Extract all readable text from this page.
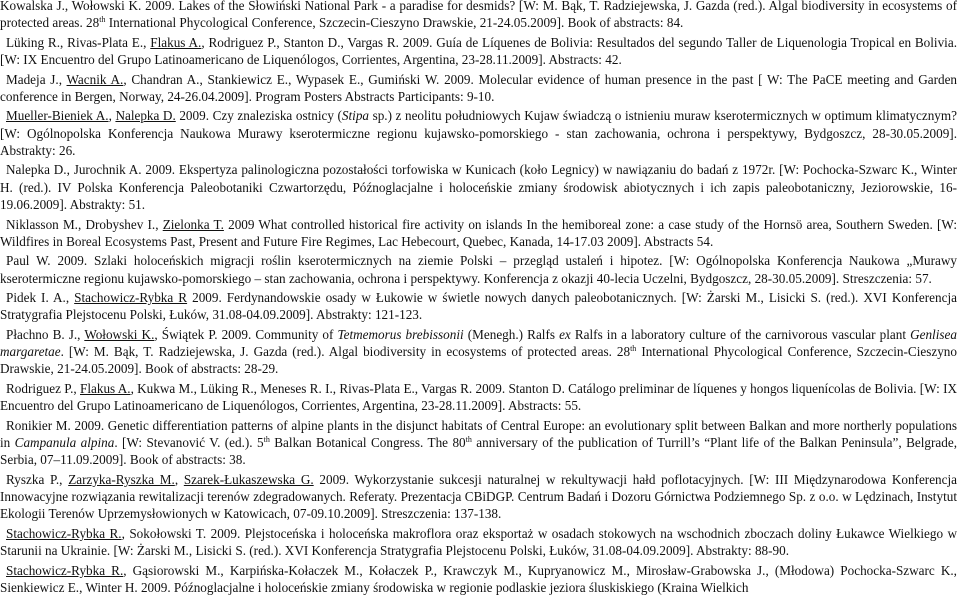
Kowalska J., Wołowski K. 2009. Lakes of the Słowiński National Park - a paradise for desmids? [W: M. Bąk, T. Radziejewska, J. Gazda (red.). Algal biodiversity in ecosystems of protected areas. 28th International Phycological Conference, Szczecin-Cieszyno Drawskie, 21-24.05.2009]. Book of abstracts: 84.

Lüking R., Rivas-Plata E., Flakus A., Rodriguez P., Stanton D., Vargas R. 2009. Guía de Líquenes de Bolivia: Resultados del segundo Taller de Liquenologia Tropical en Bolivia. [W: IX Encuentro del Grupo Latinoamericano de Liquenólogos, Corrientes, Argentina, 23-28.11.2009]. Abstracts: 42.

Madeja J., Wacnik A., Chandran A., Stankiewicz E., Wypasek E., Gumiński W. 2009. Molecular evidence of human presence in the past [ W: The PaCE meeting and Garden conference in Bergen, Norway, 24-26.04.2009]. Program Posters Abstracts Participants: 9-10.

Mueller-Bieniek A., Nalepka D. 2009. Czy znaleziska ostnicy (Stipa sp.) z neolitu południowych Kujaw świadczą o istnieniu muraw kserotermicznych w optimum klimatycznym? [W: Ogólnopolska Konferencja Naukowa Murawy kserotermiczne regionu kujawsko-pomorskiego - stan zachowania, ochrona i perspektywy, Bydgoszcz, 28-30.05.2009]. Abstrakty: 26.

Nalepka D., Jurochnik A. 2009. Ekspertyza palinologiczna pozostałości torfowiska w Kunicach (koło Legnicy) w nawiązaniu do badań z 1972r. [W: Pochocka-Szwarc K., Winter H. (red.). IV Polska Konferencja Paleobotaniki Czwartorzędu, Późnoglacjalne i holoceńskie zmiany środowisk abiotycznych i ich zapis paleobotaniczny, Jeziorowskie, 16-19.06.2009]. Abstrakty: 51.

Niklasson M., Drobyshev I., Zielonka T. 2009 What controlled historical fire activity on islands In the hemiboreal zone: a case study of the Hornsö area, Southern Sweden. [W: Wildfires in Boreal Ecosystems Past, Present and Future Fire Regimes, Lac Hebecourt, Quebec, Kanada, 14-17.03 2009]. Abstracts 54.

Paul W. 2009. Szlaki holoceńskich migracji roślin kserotermicznych na ziemie Polski – przegląd ustaleń i hipotez. [W: Ogólnopolska Konferencja Naukowa „Murawy kserotermiczne regionu kujawsko-pomorskiego – stan zachowania, ochrona i perspektywy. Konferencja z okazji 40-lecia Uczelni, Bydgoszcz, 28-30.05.2009]. Streszczenia: 57.

Pidek I. A., Stachowicz-Rybka R 2009. Ferdynandowskie osady w Łukowie w świetle nowych danych paleobotanicznych. [W: Żarski M., Lisicki S. (red.). XVI Konferencja Stratygrafia Plejstocenu Polski, Łuków, 31.08-04.09.2009]. Abstrakty: 121-123.

Płachno B. J., Wołowski K., Świątek P. 2009. Community of Tetmemorus brebissonii (Menegh.) Ralfs ex Ralfs in a laboratory culture of the carnivorous vascular plant Genlisea margaretae. [W: M. Bąk, T. Radziejewska, J. Gazda (red.). Algal biodiversity in ecosystems of protected areas. 28th International Phycological Conference, Szczecin-Cieszyno Drawskie, 21-24.05.2009]. Book of abstracts: 28-29.

Rodriguez P., Flakus A., Kukwa M., Lüking R., Meneses R. I., Rivas-Plata E., Vargas R. 2009. Stanton D. Catálogo preliminar de líquenes y hongos liquenícolas de Bolivia. [W: IX Encuentro del Grupo Latinoamericano de Liquenólogos, Corrientes, Argentina, 23-28.11.2009]. Abstracts: 55.

Ronikier M. 2009. Genetic differentiation patterns of alpine plants in the disjunct habitats of Central Europe: an evolutionary split between Balkan and more northerly populations in Campanula alpina. [W: Stevanović V. (ed.). 5th Balkan Botanical Congress. The 80th anniversary of the publication of Turrill’s “Plant life of the Balkan Peninsula”, Belgrade, Serbia, 07–11.09.2009]. Book of abstracts: 38.

Ryszka P., Zarzyka-Ryszka M., Szarek-Łukaszewska G. 2009. Wykorzystanie sukcesji naturalnej w rekultywacji hałd poflotacyjnych. [W: III Międzynarodowa Konferencja Innowacyjne rozwiązania rewitalizacji terenów zdegradowanych. Referaty. Prezentacja CBiDGP. Centrum Badań i Dozoru Górnictwa Podziemnego Sp. z o.o. w Lędzinach, Instytut Ekologii Terenów Uprzemysłowionych w Katowicach, 07-09.10.2009]. Streszczenia: 137-138.

Stachowicz-Rybka R., Sokołowski T. 2009. Plejstoceńska i holoceńska makroflora oraz eksportaż w osadach stokowych na wschodnich zboczach doliny Łukawce Wielkiego w Starunii na Ukrainie. [W: Żarski M., Lisicki S. (red.). XVI Konferencja Stratygrafia Plejstocenu Polski, Łuków, 31.08-04.09.2009]. Abstrakty: 88-90.

Stachowicz-Rybka R., Gąsiorowski M., Karpińska-Kołaczek M., Kołaczek P., Krawczyk M., Kupryanowicz M., Mirosław-Grabowska J., (Młodowa) Pochocka-Szwarc K., Sienkiewicz E., Winter H. 2009. Późnoglacjalne i holoceńskie zmiany środowiska w regionie podlaskie jeziora śluskiskiego (Kraina Wielkich
